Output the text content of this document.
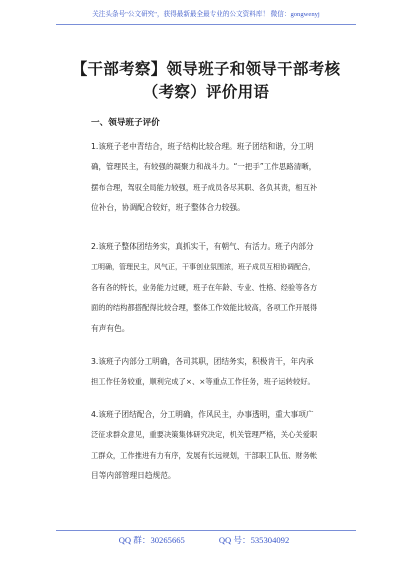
关注头条号"公文研究"，获得最新最全最专业的公文资料库！ 微信：gongwenyj
【干部考察】领导班子和领导干部考核
（考察）评价用语
一、领导班子评价
1.该班子老中青结合，班子结构比较合理。班子团结和谐，分工明
确，管理民主，有较强的凝聚力和战斗力。“一把手”工作思路清晰，
摆布合理，驾驭全局能力较强，班子成员各尽其职、各负其责，相互补
位补台，协调配合较好，班子整体合力较强。
2.该班子整体团结务实，真抓实干，有朝气、有活力。班子内部分
工明确，管理民主，风气正，干事创业氛围浓，班子成员互相协调配合，
各有各的特长，业务能力过硬，班子在年龄、专业、性格、经验等各方
面的的结构都搭配得比较合理，整体工作效能比较高，各项工作开展得
有声有色。
3.该班子内部分工明确，各司其职，团结务实，积极肯干，年内承
担工作任务较重，顺利完成了×、×等重点工作任务，班子运转较好。
4.该班子团结配合，分工明确，作风民主，办事透明，重大事项广
泛征求群众意见，重要决策集体研究决定，机关管理严格，关心关爱职
工群众，工作推进有力有序，发展有长远规划，干部职工队伍、财务帐
目等内部管理日趋规范。
QQ 群：30265665	QQ 号：535304092
